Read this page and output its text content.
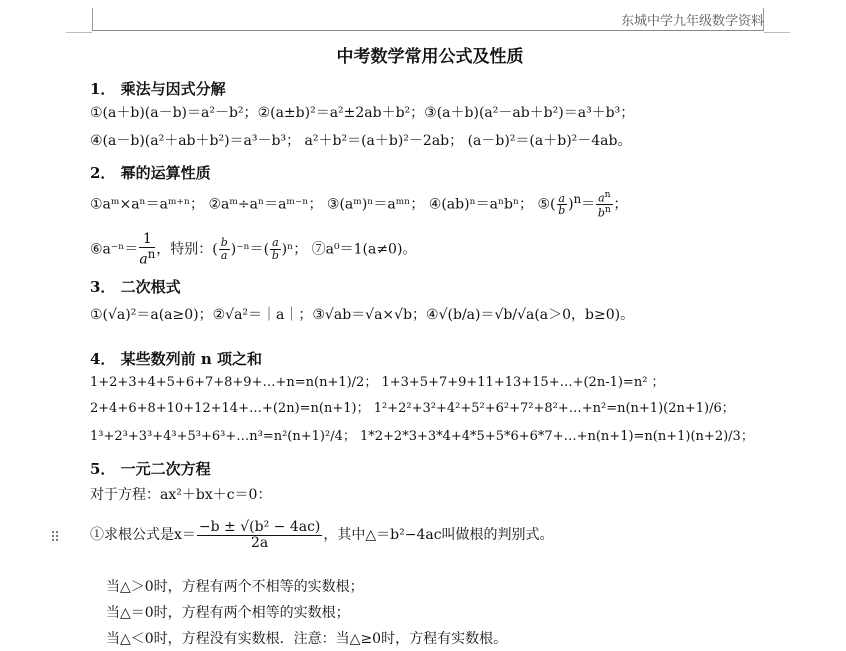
东城中学九年级数学资料
⠿
中考数学常用公式及性质
1． 乘法与因式分解
①(a＋b)(a－b)＝a²－b²；②(a±b)²＝a²±2ab＋b²；③(a＋b)(a²－ab＋b²)＝a³＋b³；
④(a－b)(a²＋ab＋b²)＝a³－b³； a²＋b²＝(a＋b)²－2ab； (a－b)²＝(a＋b)²－4ab。
2． 幂的运算性质
①aᵐ×aⁿ＝aᵐ⁺ⁿ； ②aᵐ÷aⁿ＝aᵐ⁻ⁿ； ③(aᵐ)ⁿ＝aᵐⁿ； ④(ab)ⁿ＝aⁿbⁿ； ⑤( $\frac{a}{b} )^n= \frac{a^n}{b^n}$ ；
⑥a⁻ⁿ＝ $\frac{1}{a^n}$ ，特别：( $\frac{b}{a} )^{-n}=( \frac{a}{b} )^n$； ⑦a⁰＝1(a≠0)。
3． 二次根式
①(√a)²＝a(a≥0)；②√a²＝｜a｜；③√ab＝√a×√b；④√(b/a)＝√b/√a(a＞0，b≥0)。
4． 某些数列前 n 项之和
1+2+3+4+5+6+7+8+9+…+n=n(n+1)/2； 1+3+5+7+9+11+13+15+…+(2n-1)=n² ；
2+4+6+8+10+12+14+…+(2n)=n(n+1)； 1²+2²+3²+4²+5²+6²+7²+8²+…+n²=n(n+1)(2n+1)/6；
1³+2³+3³+4³+5³+6³+…n³=n²(n+1)²/4； 1*2+2*3+3*4+4*5+5*6+6*7+…+n(n+1)=n(n+1)(n+2)/3；
5． 一元二次方程
对于方程：ax²＋bx＋c＝0：
①求根公式是$x= \frac{\text{−b ± √(b² − 4ac)}}{2a}$ ，其中△＝b²−4ac叫做根的判别式。
当△＞0时，方程有两个不相等的实数根；
当△＝0时，方程有两个相等的实数根；
当△＜0时，方程没有实数根．注意：当△≥0时，方程有实数根。
